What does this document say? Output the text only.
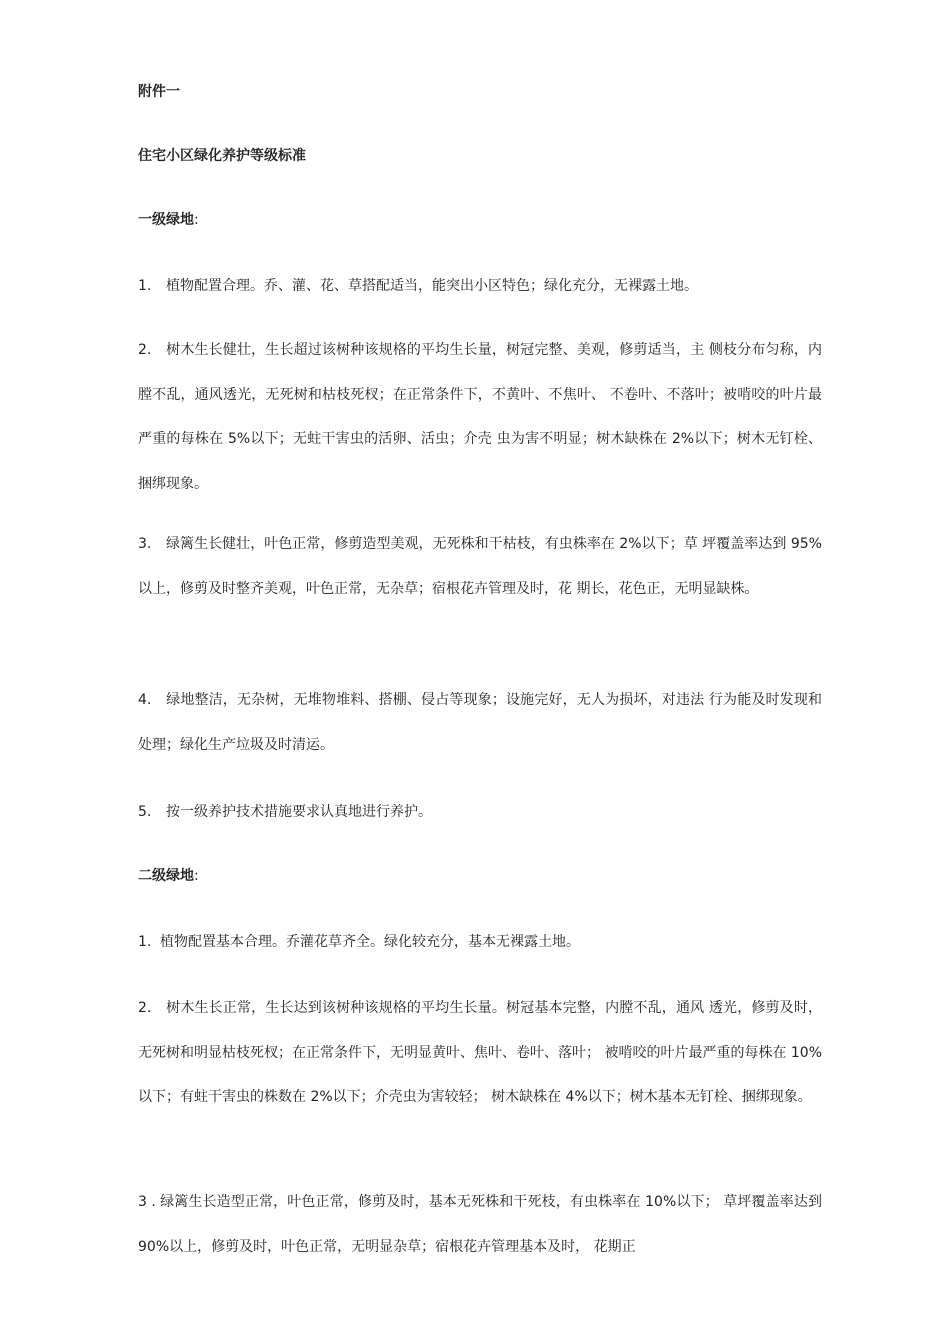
附件一

住宅小区绿化养护等级标准

一级绿地:

1. 植物配置合理。乔、灌、花、草搭配适当，能突出小区特色；绿化充分，无裸露土地。

2. 树木生长健壮，生长超过该树种该规格的平均生长量，树冠完整、美观，修剪适当，主 侧枝分布匀称，内膛不乱，通风透光，无死树和枯枝死杈；在正常条件下，不黄叶、不焦叶、 不卷叶、不落叶；被啃咬的叶片最严重的每株在 5%以下；无蛀干害虫的活卵、活虫；介壳 虫为害不明显；树木缺株在 2%以下；树木无钉栓、捆绑现象。

3. 绿篱生长健壮，叶色正常，修剪造型美观，无死株和干枯枝，有虫株率在 2%以下；草 坪覆盖率达到 95%以上，修剪及时整齐美观，叶色正常，无杂草；宿根花卉管理及时，花 期长，花色正，无明显缺株。

4. 绿地整洁，无杂树，无堆物堆料、搭棚、侵占等现象；设施完好，无人为损坏，对违法 行为能及时发现和处理；绿化生产垃圾及时清运。

5. 按一级养护技术措施要求认真地进行养护。

二级绿地:

1. 植物配置基本合理。乔灌花草齐全。绿化较充分，基本无裸露土地。

2. 树木生长正常，生长达到该树种该规格的平均生长量。树冠基本完整，内膛不乱，通风 透光，修剪及时，无死树和明显枯枝死杈；在正常条件下，无明显黄叶、焦叶、卷叶、落叶； 被啃咬的叶片最严重的每株在 10%以下；有蛀干害虫的株数在 2%以下；介壳虫为害较轻； 树木缺株在 4%以下；树木基本无钉栓、捆绑现象。

3 . 绿篱生长造型正常，叶色正常，修剪及时，基本无死株和干死枝，有虫株率在 10%以下； 草坪覆盖率达到 90%以上，修剪及时，叶色正常，无明显杂草；宿根花卉管理基本及时， 花期正
